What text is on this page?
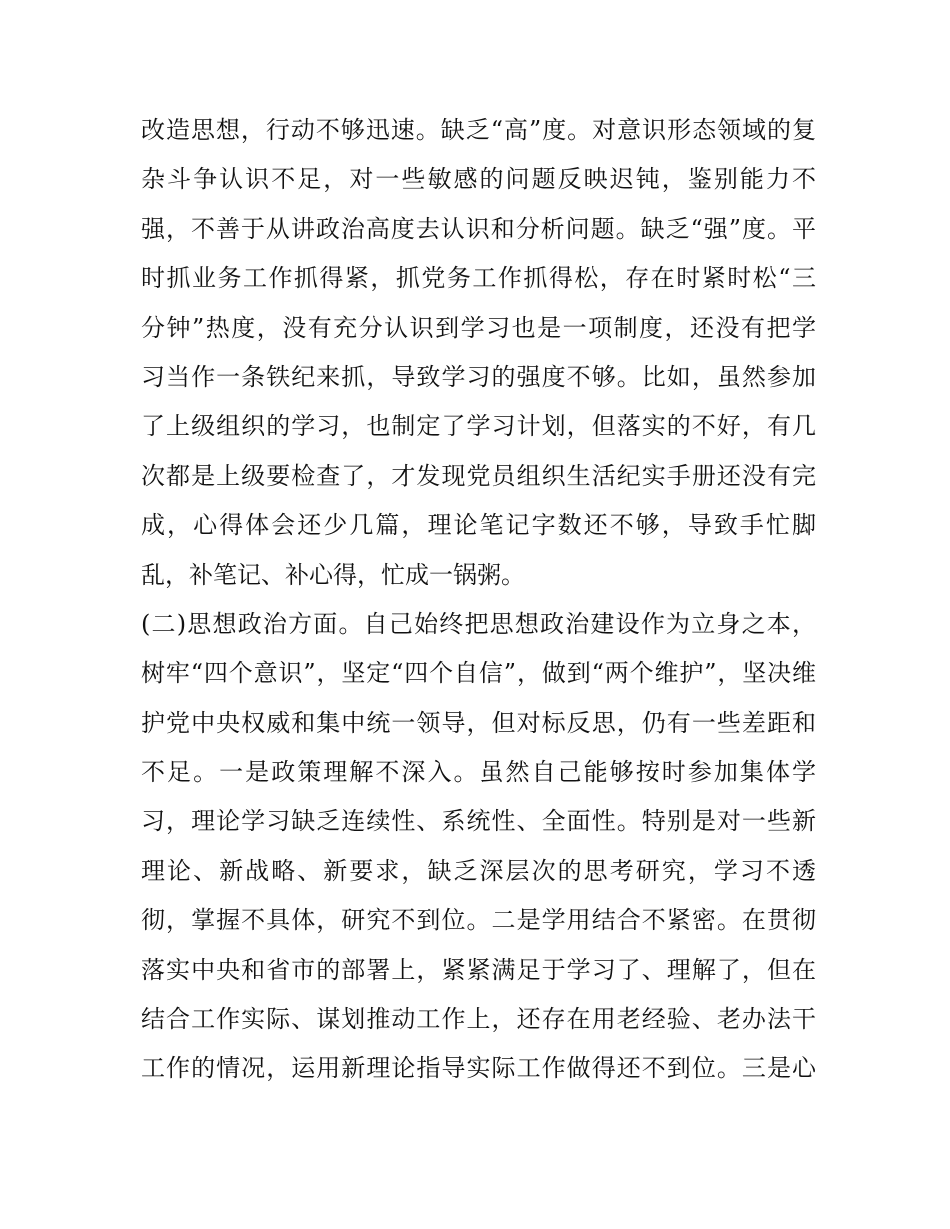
改造思想，行动不够迅速。缺乏“高”度。对意识形态领域的复
杂斗争认识不足，对一些敏感的问题反映迟钝，鉴别能力不
强，不善于从讲政治高度去认识和分析问题。缺乏“强”度。平
时抓业务工作抓得紧，抓党务工作抓得松，存在时紧时松“三
分钟”热度，没有充分认识到学习也是一项制度，还没有把学
习当作一条铁纪来抓，导致学习的强度不够。比如，虽然参加
了上级组织的学习，也制定了学习计划，但落实的不好，有几
次都是上级要检查了，才发现党员组织生活纪实手册还没有完
成，心得体会还少几篇，理论笔记字数还不够，导致手忙脚
乱，补笔记、补心得，忙成一锅粥。
(二)思想政治方面。自己始终把思想政治建设作为立身之本，
树牢“四个意识”，坚定“四个自信”，做到“两个维护”，坚决维
护党中央权威和集中统一领导，但对标反思，仍有一些差距和
不足。一是政策理解不深入。虽然自己能够按时参加集体学
习，理论学习缺乏连续性、系统性、全面性。特别是对一些新
理论、新战略、新要求，缺乏深层次的思考研究，学习不透
彻，掌握不具体，研究不到位。二是学用结合不紧密。在贯彻
落实中央和省市的部署上，紧紧满足于学习了、理解了，但在
结合工作实际、谋划推动工作上，还存在用老经验、老办法干
工作的情况，运用新理论指导实际工作做得还不到位。三是心
